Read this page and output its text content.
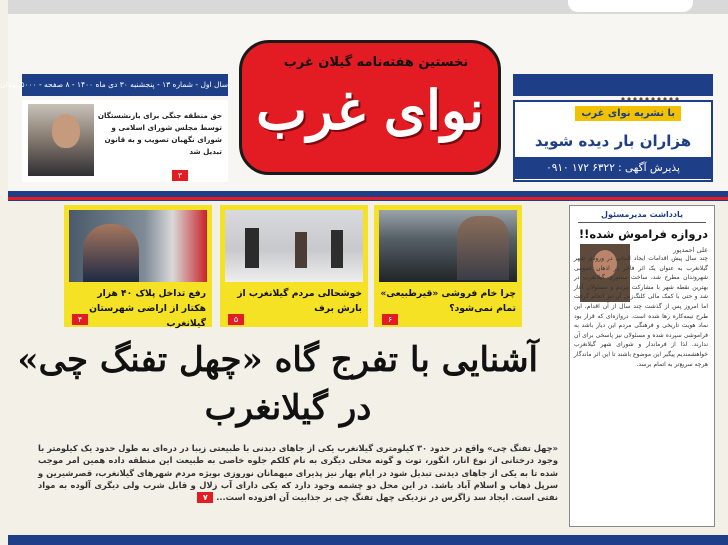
سال اول - شماره ۱۳ - پنجشنبه ۳۰ دی ماه ۱۴۰۰ - ۸ صفحه - ۵۰۰۰ تومان
نخستین هفته‌نامه گیلان غرب
نوای غرب	با نشریه نوای غرب
هزاران بار دیده شوید
پذیرش آگهی : ۶۳۲۲ ۱۷۲ ۰۹۱۰
حق منطقه جنگی برای بازنشستگان توسط مجلس شورای اسلامی و شورای نگهبان تصویب و به قانون تبدیل شد
۳
چرا خام فروشی «قیرطبیعی» تمام نمی‌شود؟
۶
خوشحالی مردم گیلانغرب از بارش برف
۵
رفع تداخل پلاک ۴۰ هزار هکتار از اراضی شهرستان گیلانغرب
۴
یادداشت مدیرمسئول
دروازه فراموش شده!!
علی احمدپور
چند سال پیش اقدامات ایجاد المانی در ورودی شهر گیلانغرب به عنوان یک اثر فاخر در اذهان عمومی شهروندان مطرح شد، ساخت سنتوری گیلانغرب در بهترین نقطه شهر با مشارکت مردم و مسئولان آغاز شد و حتی با کمک مالی کلنگ‌زنی آن نیز انجام گرفت اما امروز پس از گذشت چند سال از آن اقدام، این طرح نیمه‌کاره رها شده است. دروازه‌ای که قرار بود نماد هویت تاریخی و فرهنگی مردم این دیار باشد به فراموشی سپرده شده و مسئولان نیز پاسخی برای آن ندارند. لذا از فرماندار و شورای شهر گیلانغرب خواهشمندیم پیگیر این موضوع باشند تا این اثر ماندگار هرچه سریع‌تر به اتمام برسد.
آشنایی با تفرج گاه «چهل تفنگ چی»
در گیلانغرب
«چهل تفنگ چی» واقع در حدود ۳۰ کیلومتری گیلانغرب یکی از جاهای دیدنی با طبیعتی زیبا در دره‌ای به طول حدود یک کیلومتر با وجود درختانی از نوع انار، انگور، توت و گونه محلی دیگری به نام کلکم جلوه خاصی به طبیعت این منطقه داده همین امر موجب شده تا به یکی از جاهای دیدنی تبدیل شود در ایام بهار نیز پذیرای میهمانان نوروزی بویژه مردم شهرهای گیلانغرب، قصرشیرین و سرپل ذهاب و اسلام آباد باشد. در این محل دو چشمه وجود دارد که یکی دارای آب زلال و قابل شرب ولی دیگری آلوده به مواد نفتی است. ایجاد سد زاگرس در نزدیکی چهل تفنگ چی بر جذابیت آن افزوده است... ۷
